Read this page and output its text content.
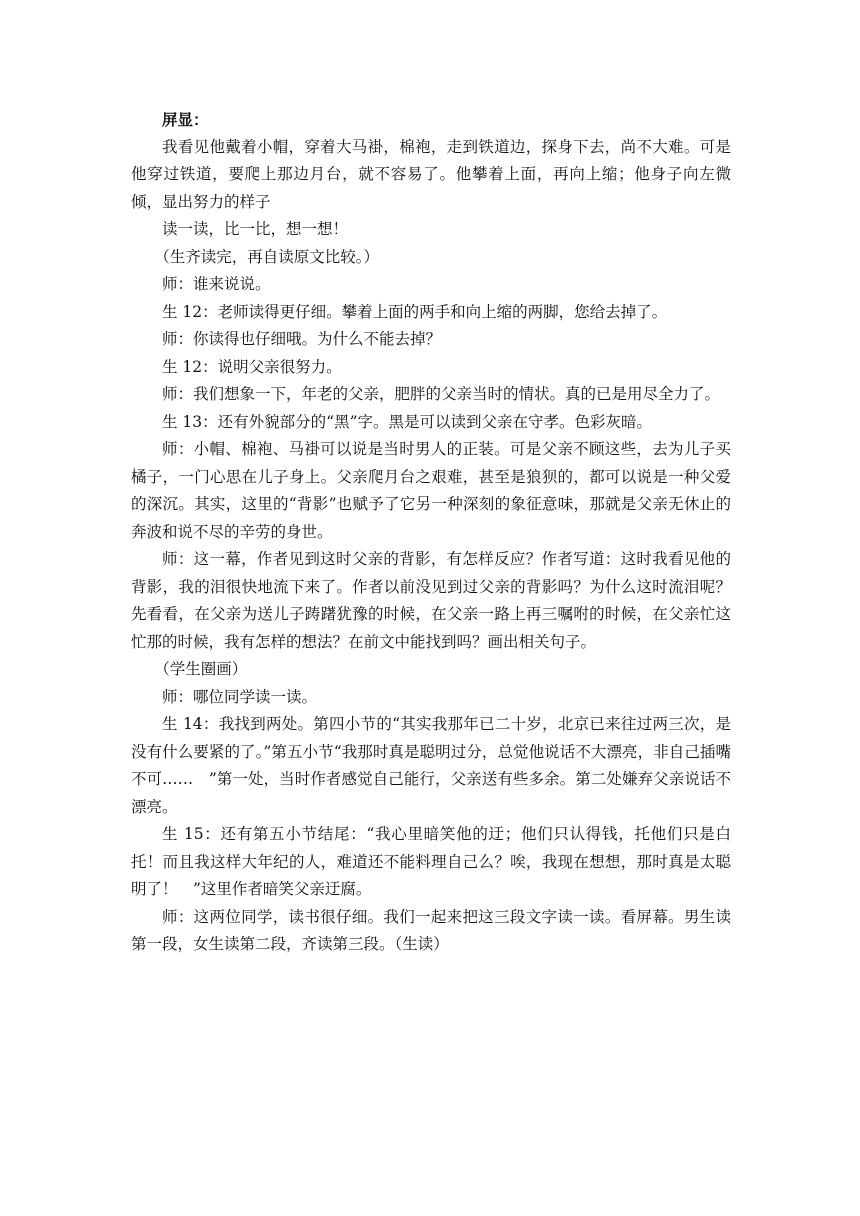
屏显：

我看见他戴着小帽，穿着大马褂，棉袍，走到铁道边，探身下去，尚不大难。可是他穿过铁道，要爬上那边月台，就不容易了。他攀着上面，再向上缩；他身子向左微倾，显出努力的样子

读一读，比一比，想一想！

（生齐读完，再自读原文比较。）

师：谁来说说。

生 12：老师读得更仔细。攀着上面的两手和向上缩的两脚，您给去掉了。

师：你读得也仔细哦。为什么不能去掉？

生 12：说明父亲很努力。

师：我们想象一下，年老的父亲，肥胖的父亲当时的情状。真的已是用尽全力了。

生 13：还有外貌部分的“黑”字。黑是可以读到父亲在守孝。色彩灰暗。

师：小帽、棉袍、马褂可以说是当时男人的正装。可是父亲不顾这些，去为儿子买橘子，一门心思在儿子身上。父亲爬月台之艰难，甚至是狼狈的，都可以说是一种父爱的深沉。其实，这里的“背影”也赋予了它另一种深刻的象征意味，那就是父亲无休止的奔波和说不尽的辛劳的身世。

师：这一幕，作者见到这时父亲的背影，有怎样反应？作者写道：这时我看见他的背影，我的泪很快地流下来了。作者以前没见到过父亲的背影吗？为什么这时流泪呢？先看看，在父亲为送儿子踌躇犹豫的时候，在父亲一路上再三嘱咐的时候，在父亲忙这忙那的时候，我有怎样的想法？在前文中能找到吗？画出相关句子。

（学生圈画）

师：哪位同学读一读。

生 14：我找到两处。第四小节的“其实我那年已二十岁，北京已来往过两三次，是没有什么要紧的了。”第五小节“我那时真是聪明过分，总觉他说话不大漂亮，非自己插嘴不可……　”第一处，当时作者感觉自己能行，父亲送有些多余。第二处嫌弃父亲说话不漂亮。

生 15：还有第五小节结尾：“我心里暗笑他的迂；他们只认得钱，托他们只是白托！而且我这样大年纪的人，难道还不能料理自己么？唉，我现在想想，那时真是太聪明了！　”这里作者暗笑父亲迂腐。

师：这两位同学，读书很仔细。我们一起来把这三段文字读一读。看屏幕。男生读第一段，女生读第二段，齐读第三段。（生读）
